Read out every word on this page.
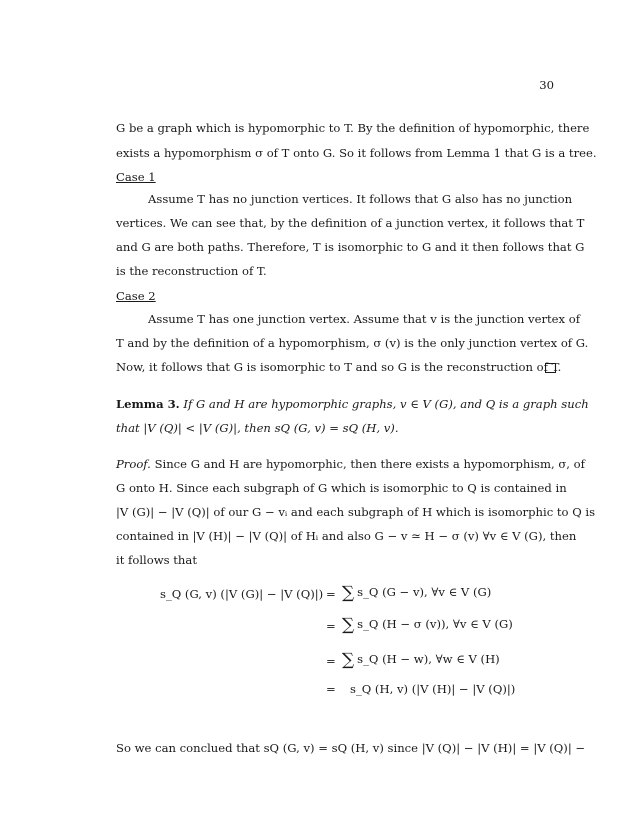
30
G be a graph which is hypomorphic to T. By the definition of hypomorphic, there
exists a hypomorphism σ of T onto G. So it follows from Lemma 1 that G is a tree.
Case 1
Assume T has no junction vertices. It follows that G also has no junction
vertices. We can see that, by the definition of a junction vertex, it follows that T
and G are both paths. Therefore, T is isomorphic to G and it then follows that G
is the reconstruction of T.
Case 2
Assume T has one junction vertex. Assume that v is the junction vertex of
T and by the definition of a hypomorphism, σ (v) is the only junction vertex of G.
Now, it follows that G is isomorphic to T and so G is the reconstruction of T.
Lemma 3. If G and H are hypomorphic graphs, v ∈ V (G), and Q is a graph such
that |V (Q)| < |V (G)|, then sQ (G, v) = sQ (H, v).
Proof. Since G and H are hypomorphic, then there exists a hypomorphism, σ, of
G onto H. Since each subgraph of G which is isomorphic to Q is contained in
|V (G)| − |V (Q)| of our G − vᵢ and each subgraph of H which is isomorphic to Q is
contained in |V (H)| − |V (Q)| of Hᵢ and also G − v ≃ H − σ (v) ∀v ∈ V (G), then
it follows that
s_Q (G, v) (|V (G)| − |V (Q)|) = ∑ s_Q (G − v), ∀v ∈ V (G)
= ∑ s_Q (H − σ (v)), ∀v ∈ V (G)
= ∑ s_Q (H − w), ∀w ∈ V (H)
= s_Q (H, v) (|V (H)| − |V (Q)|)
So we can conclued that sQ (G, v) = sQ (H, v) since |V (Q)| − |V (H)| = |V (Q)| −
